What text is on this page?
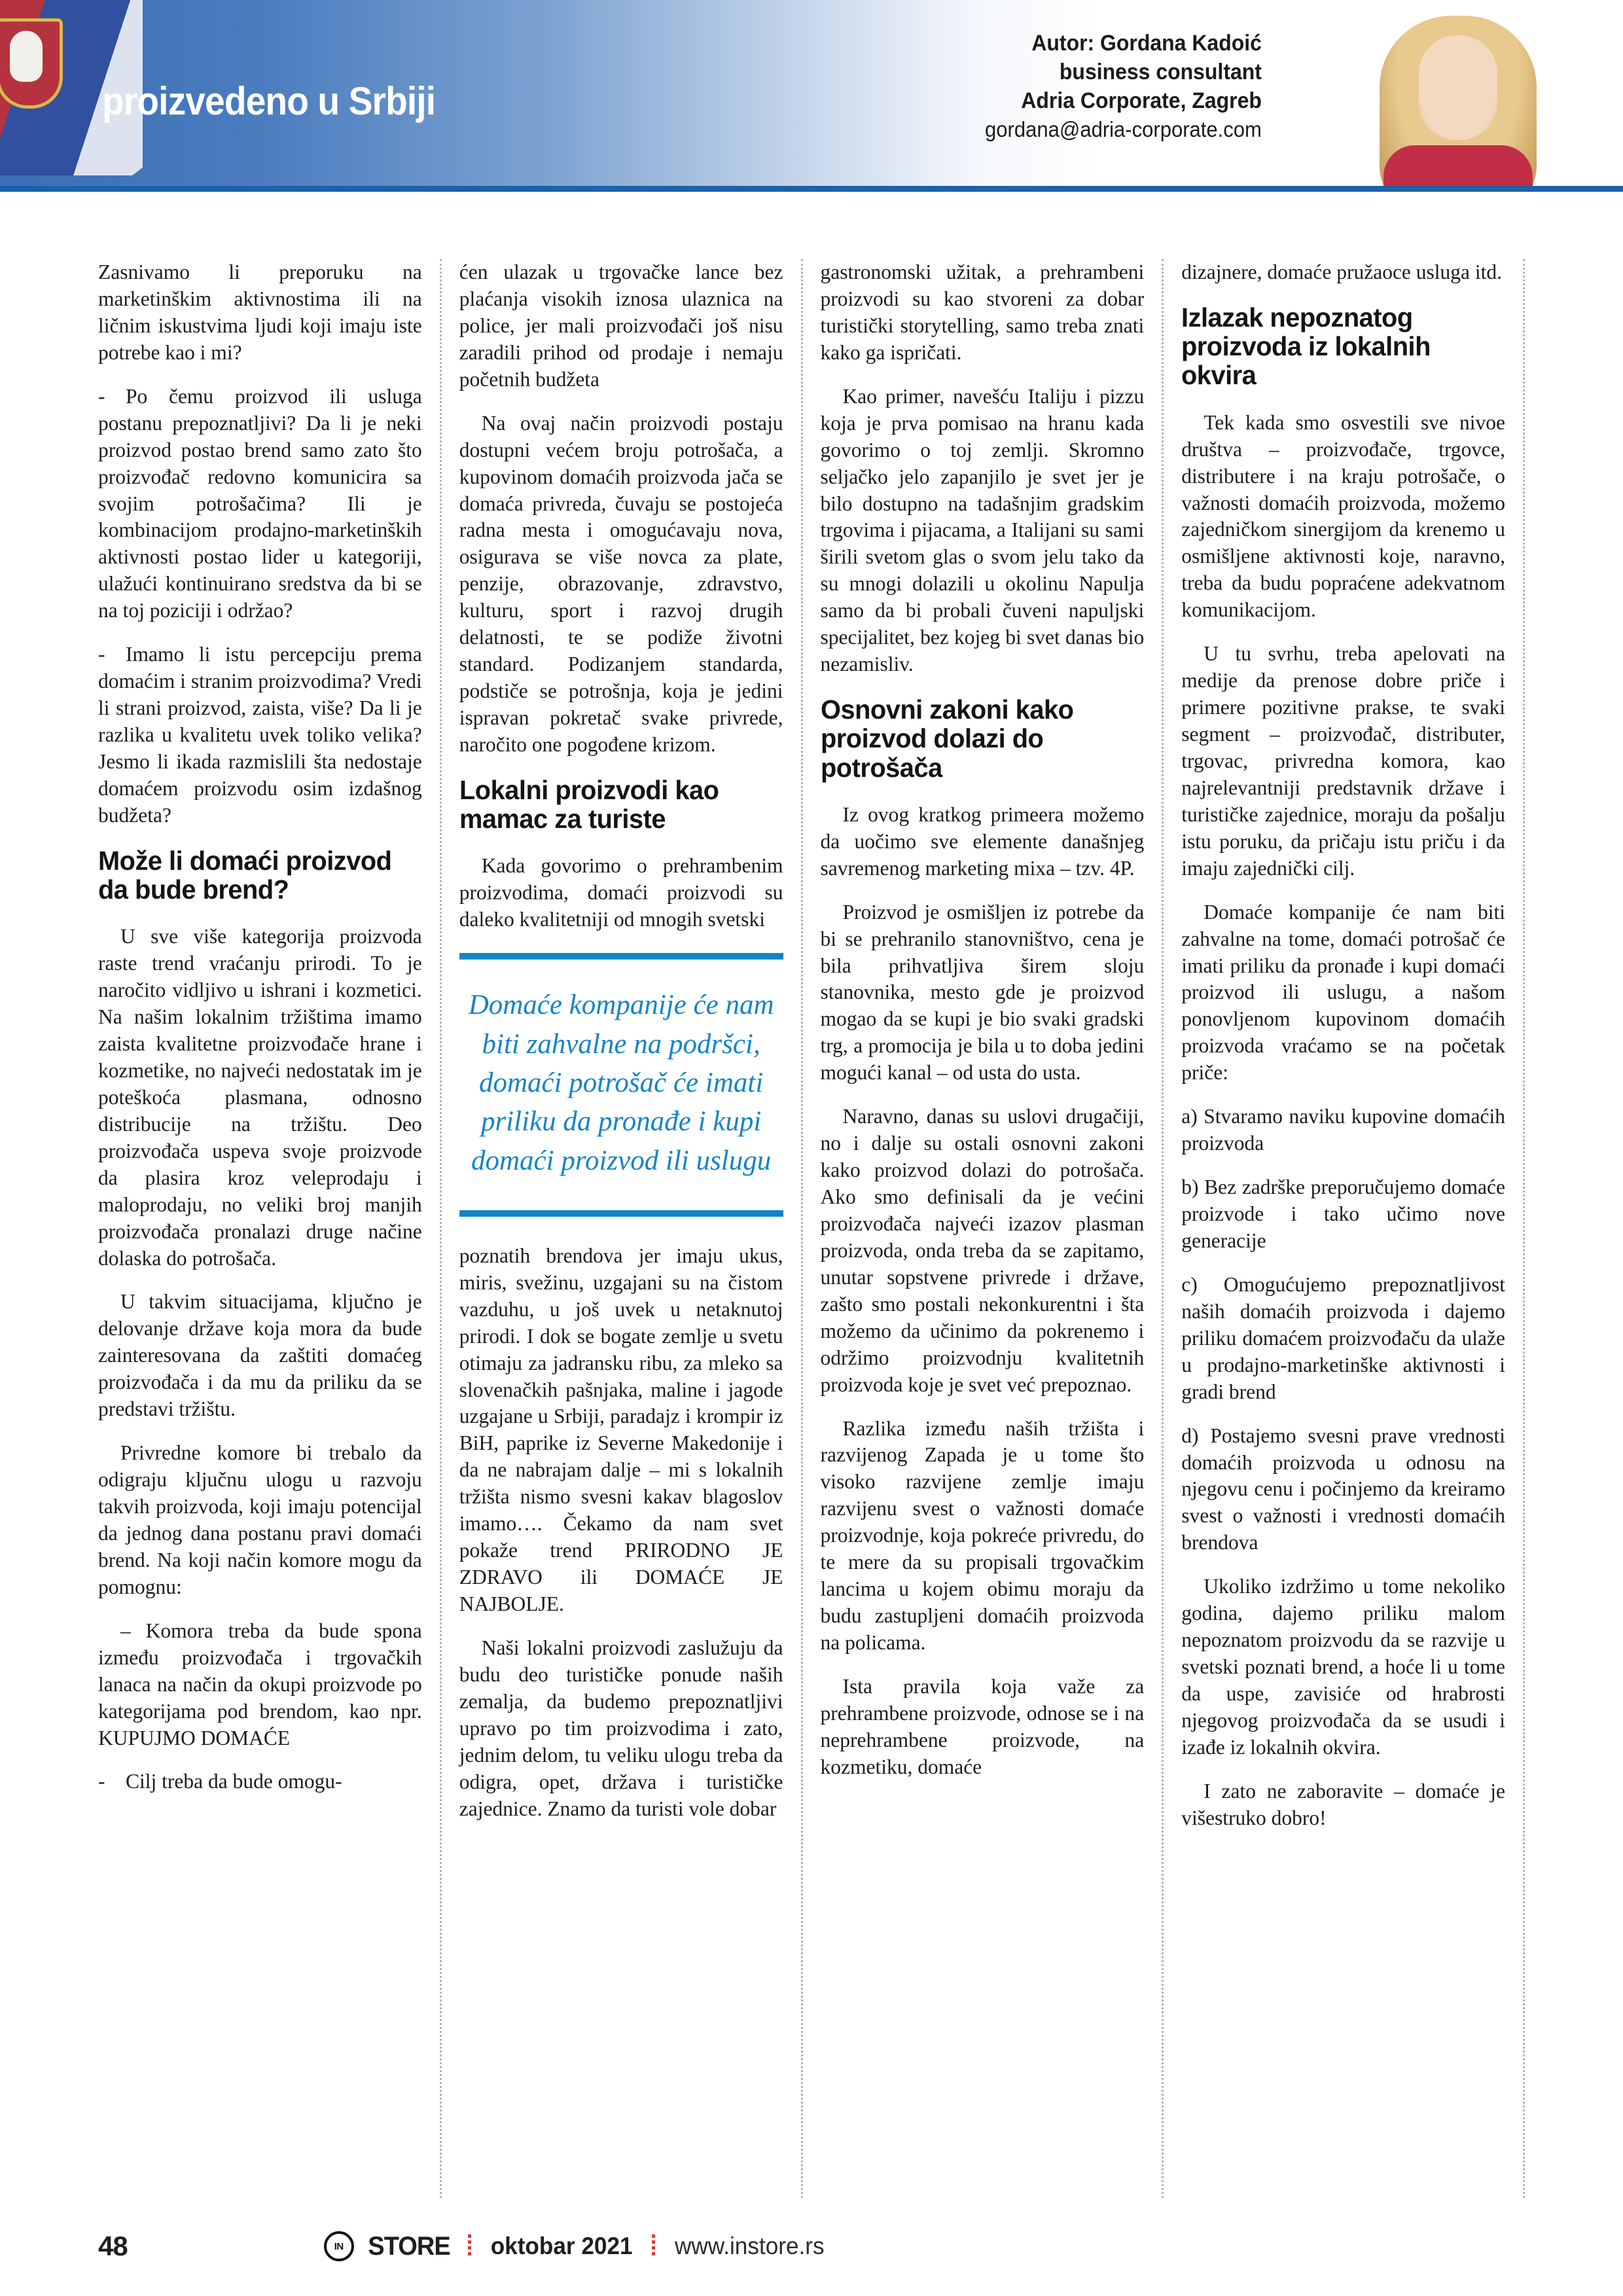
proizvedeno u Srbiji
Autor: Gordana Kadoić
business consultant
Adria Corporate, Zagreb
gordana@adria-corporate.com

Zasnivamo li preporuku na marketinškim aktivnostima ili na ličnim iskustvima ljudi koji imaju iste potrebe kao i mi?

- Po čemu proizvod ili usluga postanu prepoznatljivi? Da li je neki proizvod postao brend samo zato što proizvođač redovno komunicira sa svojim potrošačima? Ili je kombinacijom prodajno-marketinških aktivnosti postao lider u kategoriji, ulažući kontinuirano sredstva da bi se na toj poziciji i održao?

- Imamo li istu percepciju prema domaćim i stranim proizvodima? Vredi li strani proizvod, zaista, više? Da li je razlika u kvalitetu uvek toliko velika? Jesmo li ikada razmislili šta nedostaje domaćem proizvodu osim izdašnog budžeta?

Može li domaći proizvod da bude brend?

U sve više kategorija proizvoda raste trend vraćanju prirodi. To je naročito vidljivo u ishrani i kozmetici. Na našim lokalnim tržištima imamo zaista kvalitetne proizvođače hrane i kozmetike, no najveći nedostatak im je poteškoća plasmana, odnosno distribucije na tržištu. Deo proizvođača uspeva svoje proizvode da plasira kroz veleprodaju i maloprodaju, no veliki broj manjih proizvođača pronalazi druge načine dolaska do potrošača.

U takvim situacijama, ključno je delovanje države koja mora da bude zainteresovana da zaštiti domaćeg proizvođača i da mu da priliku da se predstavi tržištu.

Privredne komore bi trebalo da odigraju ključnu ulogu u razvoju takvih proizvoda, koji imaju potencijal da jednog dana postanu pravi domaći brend. Na koji način komore mogu da pomognu:

– Komora treba da bude spona između proizvođača i trgovačkih lanaca na način da okupi proizvode po kategorijama pod brendom, kao npr. KUPUJMO DOMAĆE

- Cilj treba da bude omogu-

ćen ulazak u trgovačke lance bez plaćanja visokih iznosa ulaznica na police, jer mali proizvođači još nisu zaradili prihod od prodaje i nemaju početnih budžeta

Na ovaj način proizvodi postaju dostupni većem broju potrošača, a kupovinom domaćih proizvoda jača se domaća privreda, čuvaju se postojeća radna mesta i omogućavaju nova, osigurava se više novca za plate, penzije, obrazovanje, zdravstvo, kulturu, sport i razvoj drugih delatnosti, te se podiže životni standard. Podizanjem standarda, podstiče se potrošnja, koja je jedini ispravan pokretač svake privrede, naročito one pogođene krizom.

Lokalni proizvodi kao mamac za turiste

Kada govorimo o prehrambenim proizvodima, domaći proizvodi su daleko kvalitetniji od mnogih svetski

Domaće kompanije će nam biti zahvalne na podršci, domaći potrošač će imati priliku da pronađe i kupi domaći proizvod ili uslugu

poznatih brendova jer imaju ukus, miris, svežinu, uzgajani su na čistom vazduhu, u još uvek u netaknutoj prirodi. I dok se bogate zemlje u svetu otimaju za jadransku ribu, za mleko sa slovenačkih pašnjaka, maline i jagode uzgajane u Srbiji, paradajz i krompir iz BiH, paprike iz Severne Makedonije i da ne nabrajam dalje – mi s lokalnih tržišta nismo svesni kakav blagoslov imamo…. Čekamo da nam svet pokaže trend PRIRODNO JE ZDRAVO ili DOMAĆE JE NAJBOLJE.

Naši lokalni proizvodi zaslužuju da budu deo turističke ponude naših zemalja, da budemo prepoznatljivi upravo po tim proizvodima i zato, jednim delom, tu veliku ulogu treba da odigra, opet, država i turističke zajednice. Znamo da turisti vole dobar

gastronomski užitak, a prehrambeni proizvodi su kao stvoreni za dobar turistički storytelling, samo treba znati kako ga ispričati.

Kao primer, navešću Italiju i pizzu koja je prva pomisao na hranu kada govorimo o toj zemlji. Skromno seljačko jelo zapanjilo je svet jer je bilo dostupno na tadašnjim gradskim trgovima i pijacama, a Italijani su sami širili svetom glas o svom jelu tako da su mnogi dolazili u okolinu Napulja samo da bi probali čuveni napuljski specijalitet, bez kojeg bi svet danas bio nezamisliv.

Osnovni zakoni kako proizvod dolazi do potrošača

Iz ovog kratkog primeera možemo da uočimo sve elemente današnjeg savremenog marketing mixa – tzv. 4P.

Proizvod je osmišljen iz potrebe da bi se prehranilo stanovništvo, cena je bila prihvatljiva širem sloju stanovnika, mesto gde je proizvod mogao da se kupi je bio svaki gradski trg, a promocija je bila u to doba jedini mogući kanal – od usta do usta.

Naravno, danas su uslovi drugačiji, no i dalje su ostali osnovni zakoni kako proizvod dolazi do potrošača. Ako smo definisali da je većini proizvođača najveći izazov plasman proizvoda, onda treba da se zapitamo, unutar sopstvene privrede i države, zašto smo postali nekonkurentni i šta možemo da učinimo da pokrenemo i održimo proizvodnju kvalitetnih proizvoda koje je svet već prepoznao.

Razlika između naših tržišta i razvijenog Zapada je u tome što visoko razvijene zemlje imaju razvijenu svest o važnosti domaće proizvodnje, koja pokreće privredu, do te mere da su propisali trgovačkim lancima u kojem obimu moraju da budu zastupljeni domaćih proizvoda na policama.

Ista pravila koja važe za prehrambene proizvode, odnose se i na neprehrambene proizvode, na kozmetiku, domaće

dizajnere, domaće pružaoce usluga itd.

Izlazak nepoznatog proizvoda iz lokalnih okvira

Tek kada smo osvestili sve nivoe društva – proizvođače, trgovce, distributere i na kraju potrošače, o važnosti domaćih proizvoda, možemo zajedničkom sinergijom da krenemo u osmišljene aktivnosti koje, naravno, treba da budu popraćene adekvatnom komunikacijom.

U tu svrhu, treba apelovati na medije da prenose dobre priče i primere pozitivne prakse, te svaki segment – proizvođač, distributer, trgovac, privredna komora, kao najrelevantniji predstavnik države i turističke zajednice, moraju da pošalju istu poruku, da pričaju istu priču i da imaju zajednički cilj.

Domaće kompanije će nam biti zahvalne na tome, domaći potrošač će imati priliku da pronađe i kupi domaći proizvod ili uslugu, a našom ponovljenom kupovinom domaćih proizvoda vraćamo se na početak priče:

a) Stvaramo naviku kupovine domaćih proizvoda

b) Bez zadrške preporučujemo domaće proizvode i tako učimo nove generacije

c) Omogućujemo prepoznatljivost naših domaćih proizvoda i dajemo priliku domaćem proizvođaču da ulaže u prodajno-marketinške aktivnosti i gradi brend

d) Postajemo svesni prave vrednosti domaćih proizvoda u odnosu na njegovu cenu i počinjemo da kreiramo svest o važnosti i vrednosti domaćih brendova

Ukoliko izdržimo u tome nekoliko godina, dajemo priliku malom nepoznatom proizvodu da se razvije u svetski poznati brend, a hoće li u tome da uspe, zavisiće od hrabrosti njegovog proizvođača da se usudi i izađe iz lokalnih okvira.

I zato ne zaboravite – domaće je višestruko dobro!

48	IN STORE oktobar 2021 www.instore.rs
